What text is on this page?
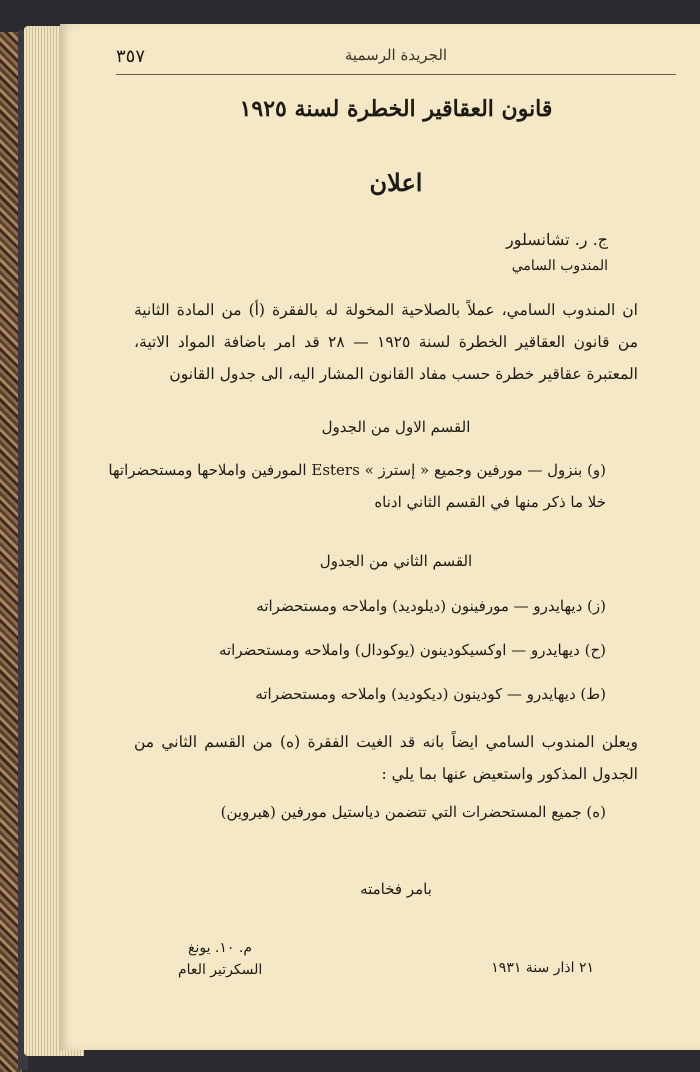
٣٥٧	الجريدة الرسمية
قانون العقاقير الخطرة لسنة ١٩٢٥
اعلان
ج. ر. تشانسلور
المندوب السامي
ان المندوب السامي، عملاً بالصلاحية المخولة له بالفقرة (أ) من المادة الثانية من قانون العقاقير الخطرة لسنة ١٩٢٥ — ٢٨ قد امر باضافة المواد الاتية، المعتبرة عقاقير خطرة حسب مفاد القانون المشار اليه، الى جدول القانون
القسم الاول من الجدول
(و) بنزول — مورفين وجميع « إسترز » Esters المورفين واملاحها ومستحضراتها خلا ما ذكر منها في القسم الثاني ادناه
القسم الثاني من الجدول
(ز) ديهايدرو — مورفينون (ديلوديد) واملاحه ومستحضراته
(ح) ديهايدرو — اوكسيكودينون (يوكودال) واملاحه ومستحضراته
(ط) ديهايدرو — كودينون (ديكوديد) واملاحه ومستحضراته
ويعلن المندوب السامي ايضاً بانه قد الغيت الفقرة (ه) من القسم الثاني من الجدول المذكور واستعيض عنها بما يلي :
(ه) جميع المستحضرات التي تتضمن دياستيل مورفين (هيروين)
بامر فخامته
٢١ اذار سنة ١٩٣١
م. ١٠. يونغ
السكرتير العام
